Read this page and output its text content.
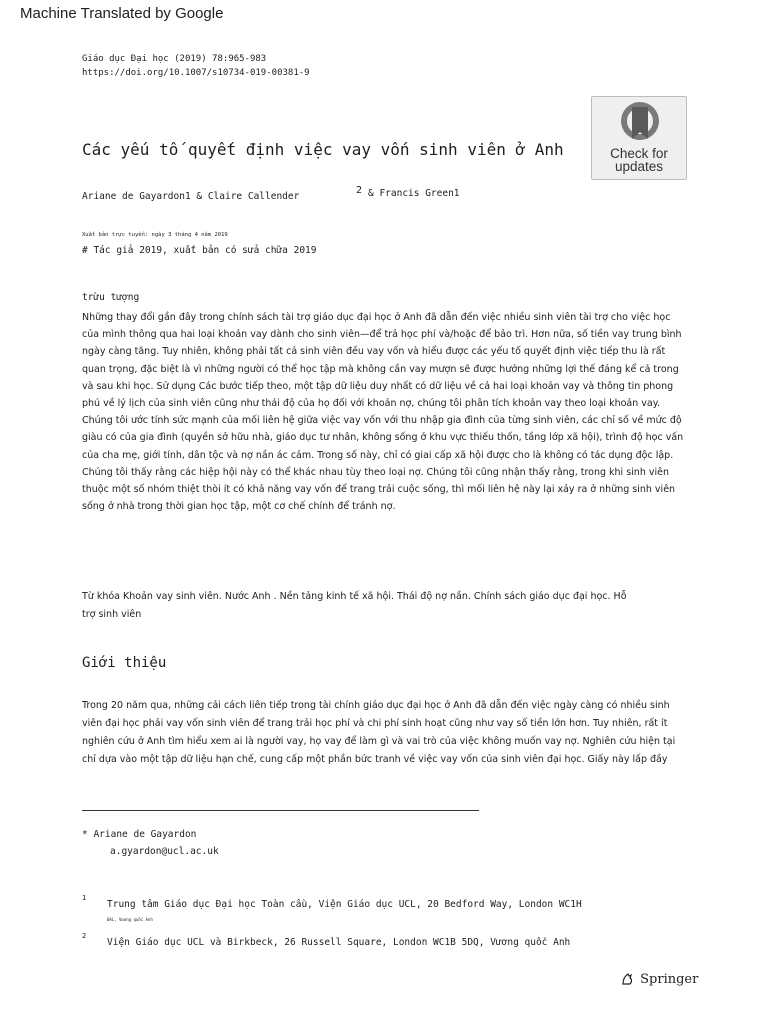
Machine Translated by Google
Giáo dục Đại học (2019) 78:965-983
https://doi.org/10.1007/s10734-019-00381-9
Các yếu tố quyết định việc vay vốn sinh viên ở Anh	Check for
updates
Ariane de Gayardon1 & Claire Callender
2 & Francis Green1
Xuất bản trực tuyến: ngày 3 tháng 4 năm 2019
# Tác giả 2019, xuất bản có sửa chữa 2019
trừu tượng
Những thay đổi gần đây trong chính sách tài trợ giáo dục đại học ở Anh đã dẫn đến việc nhiều sinh viên tài trợ cho việc học của mình thông qua hai loại khoản vay dành cho sinh viên—để trả học phí và/hoặc để bảo trì. Hơn nữa, số tiền vay trung bình ngày càng tăng. Tuy nhiên, không phải tất cả sinh viên đều vay vốn và hiểu được các yếu tố quyết định việc tiếp thu là rất quan trọng, đặc biệt là vì những người có thể học tập mà không cần vay mượn sẽ được hưởng những lợi thế đáng kể cả trong và sau khi học. Sử dụng Các bước tiếp theo, một tập dữ liệu duy nhất có dữ liệu về cả hai loại khoản vay và thông tin phong phú về lý lịch của sinh viên cũng như thái độ của họ đối với khoản nợ, chúng tôi phân tích khoản vay theo loại khoản vay. Chúng tôi ước tính sức mạnh của mối liên hệ giữa việc vay vốn với thu nhập gia đình của từng sinh viên, các chỉ số về mức độ giàu có của gia đình (quyền sở hữu nhà, giáo dục tư nhân, không sống ở khu vực thiếu thốn, tầng lớp xã hội), trình độ học vấn của cha mẹ, giới tính, dân tộc và nợ nần ác cảm. Trong số này, chỉ có giai cấp xã hội được cho là không có tác dụng độc lập. Chúng tôi thấy rằng các hiệp hội này có thể khác nhau tùy theo loại nợ. Chúng tôi cũng nhận thấy rằng, trong khi sinh viên thuộc một số nhóm thiệt thòi ít có khả năng vay vốn để trang trải cuộc sống, thì mối liên hệ này lại xảy ra ở những sinh viên sống ở nhà trong thời gian học tập, một cơ chế chính để tránh nợ.
Từ khóa Khoản vay sinh viên. Nước Anh . Nền tảng kinh tế xã hội. Thái độ nợ nần. Chính sách giáo dục đại học. Hỗ trợ sinh viên
Giới thiệu
Trong 20 năm qua, những cải cách liên tiếp trong tài chính giáo dục đại học ở Anh đã dẫn đến việc ngày càng có nhiều sinh viên đại học phải vay vốn sinh viên để trang trải học phí và chi phí sinh hoạt cũng như vay số tiền lớn hơn. Tuy nhiên, rất ít nghiên cứu ở Anh tìm hiểu xem ai là người vay, họ vay để làm gì và vai trò của việc không muốn vay nợ. Nghiên cứu hiện tại chỉ dựa vào một tập dữ liệu hạn chế, cung cấp một phần bức tranh về việc vay vốn của sinh viên đại học. Giấy này lấp đầy
* Ariane de Gayardon
a.gyardon@ucl.ac.uk
1
Trung tâm Giáo dục Đại học Toàn cầu, Viện Giáo dục UCL, 20 Bedford Way, London WC1H
0AL, Vương quốc Anh
2
Viện Giáo dục UCL và Birkbeck, 26 Russell Square, London WC1B 5DQ, Vương quốc Anh
Springer
